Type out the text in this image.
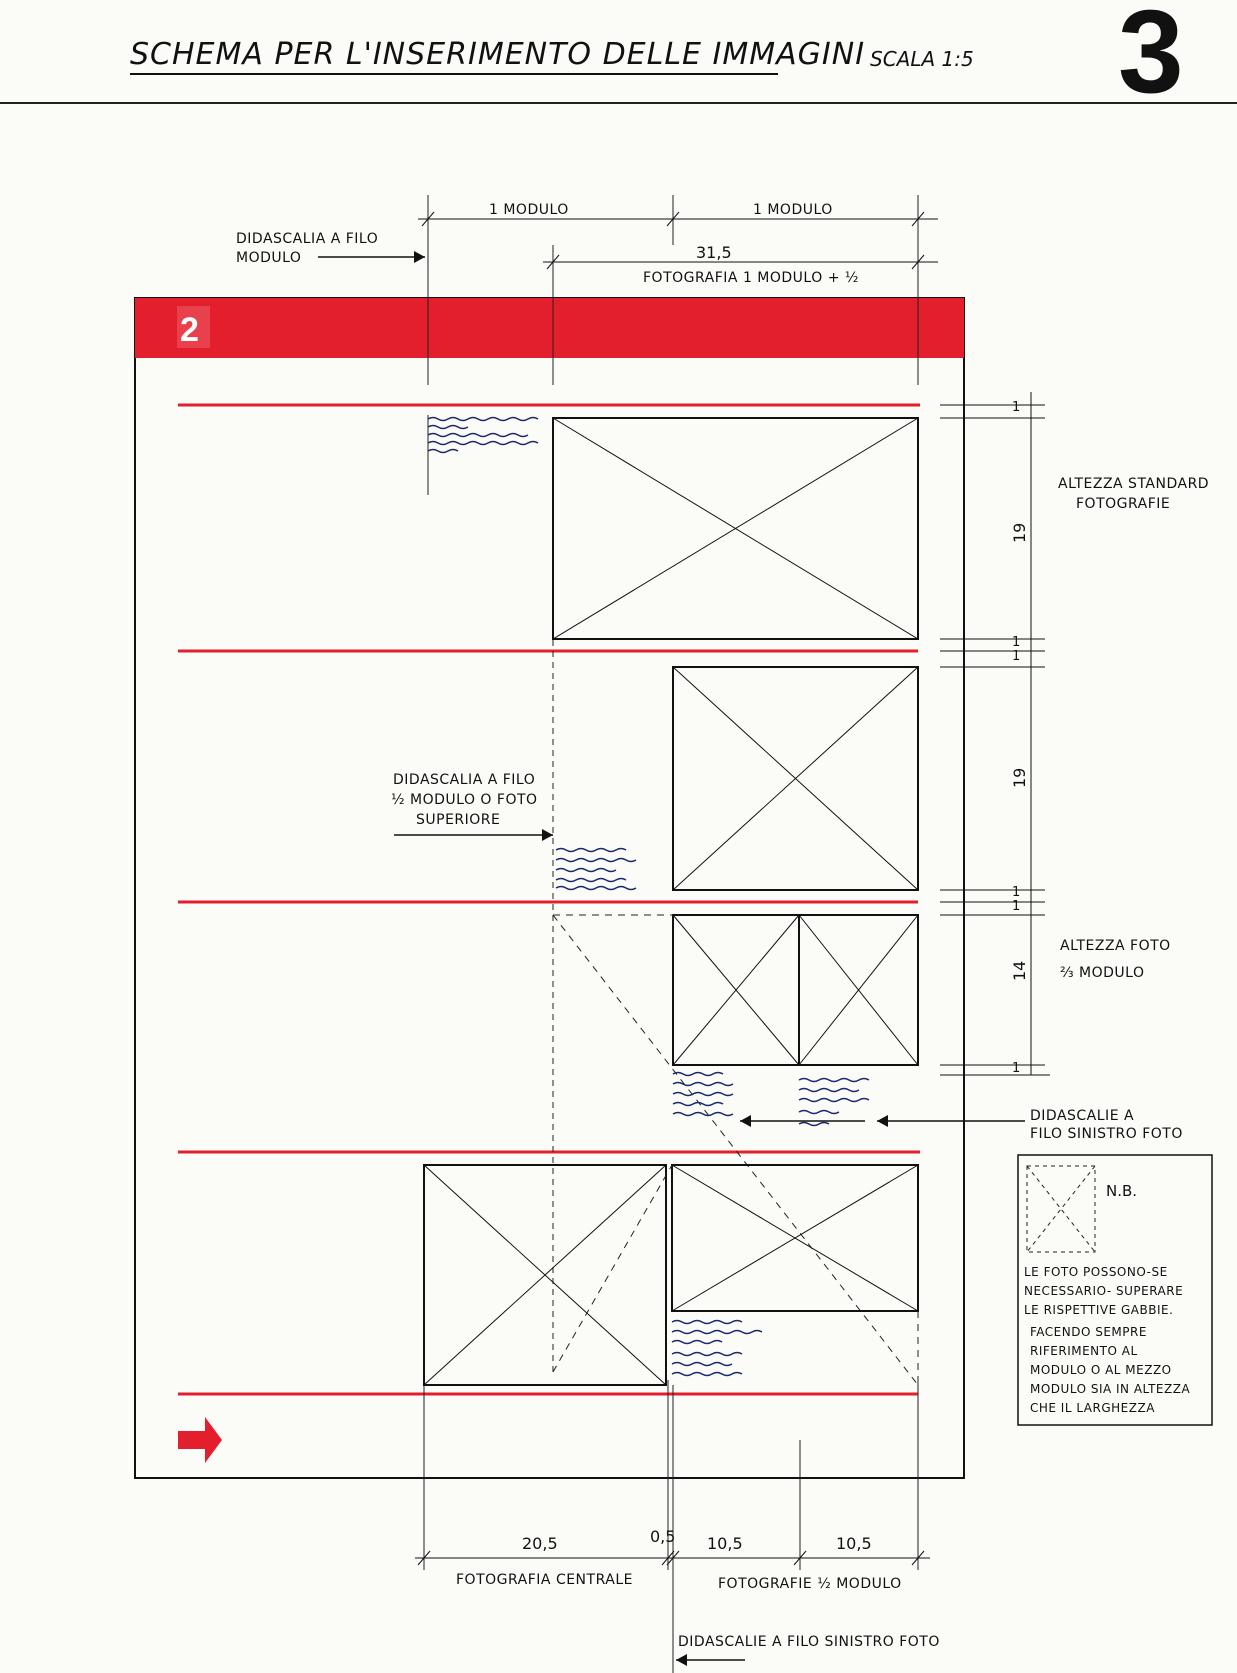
SCHEMA PER L'INSERIMENTO DELLE IMMAGINI SCALA 1:5 3
2
1 MODULO	1 MODULO
31,5
FOTOGRAFIA 1 MODULO + ½
DIDASCALIA A FILO
MODULO
1
19
1
1
19
1
1
14
1
ALTEZZA STANDARD
FOTOGRAFIE
ALTEZZA FOTO
⅔ MODULO
DIDASCALIA A FILO
½ MODULO O FOTO
SUPERIORE
DIDASCALIE A
FILO SINISTRO FOTO
N.B.
LE FOTO POSSONO-SE
NECESSARIO- SUPERARE
LE RISPETTIVE GABBIE.
FACENDO SEMPRE
RIFERIMENTO AL
MODULO O AL MEZZO
MODULO SIA IN ALTEZZA
CHE IL LARGHEZZA
20,5	0,5 10,5	10,5
FOTOGRAFIA CENTRALE	FOTOGRAFIE ½ MODULO
DIDASCALIE A FILO SINISTRO FOTO
